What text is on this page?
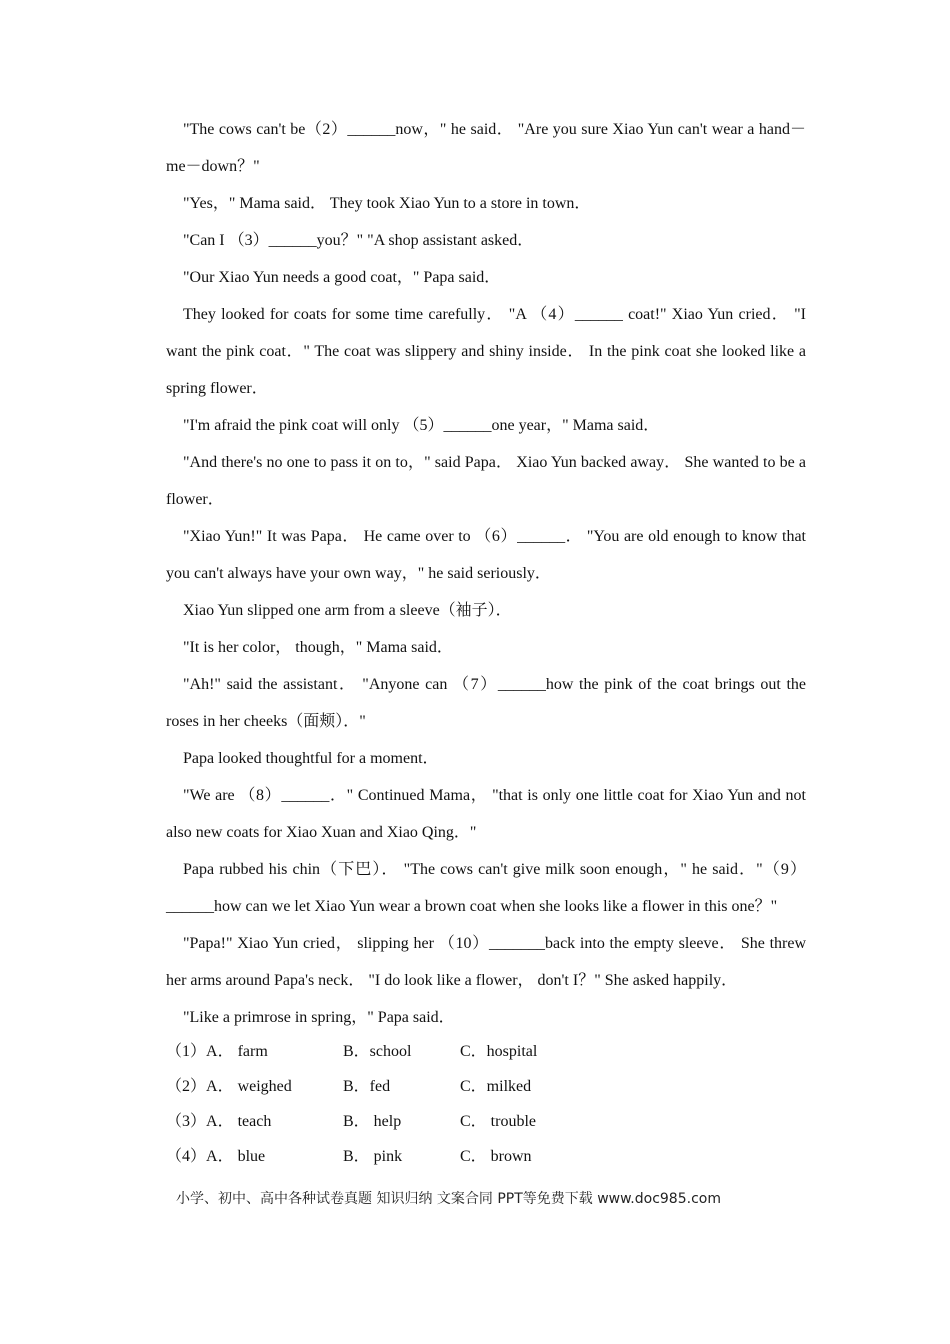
"The cows can't be（2）______now，" he said． "Are you sure Xiao Yun can't wear a hand－me－down？"

"Yes，" Mama said． They took Xiao Yun to a store in town．

"Can I （3）______you？" "A shop assistant asked．

"Our Xiao Yun needs a good coat，" Papa said．

They looked for coats for some time carefully． "A （4）______ coat!" Xiao Yun cried． "I want the pink coat．" The coat was slippery and shiny inside． In the pink coat she looked like a spring flower．

"I'm afraid the pink coat will only （5）______one year，" Mama said．

"And there's no one to pass it on to，" said Papa． Xiao Yun backed away． She wanted to be a flower．

"Xiao Yun!" It was Papa． He came over to （6）______． "You are old enough to know that you can't always have your own way，" he said seriously．

Xiao Yun slipped one arm from a sleeve（袖子）．

"It is her color， though，" Mama said．

"Ah!" said the assistant． "Anyone can （7）______how the pink of the coat brings out the roses in her cheeks（面颊）．"

Papa looked thoughtful for a moment．

"We are （8）______．" Continued Mama， "that is only one little coat for Xiao Yun and not also new coats for Xiao Xuan and Xiao Qing．"

Papa rubbed his chin（下巴）． "The cows can't give milk soon enough，" he said．"（9）______how can we let Xiao Yun wear a brown coat when she looks like a flower in this one？"

"Papa!" Xiao Yun cried， slipping her （10）_______back into the empty sleeve． She threw her arms around Papa's neck． "I do look like a flower， don't I？" She asked happily．

"Like a primrose in spring，" Papa said．

（1）A． farm	B．school	C．hospital
（2）A． weighed	B．fed	C．milked
（3）A． teach	B． help	C． trouble
（4）A． blue	B． pink	C． brown
小学、初中、高中各种试卷真题 知识归纳 文案合同 PPT等免费下载 www.doc985.com
